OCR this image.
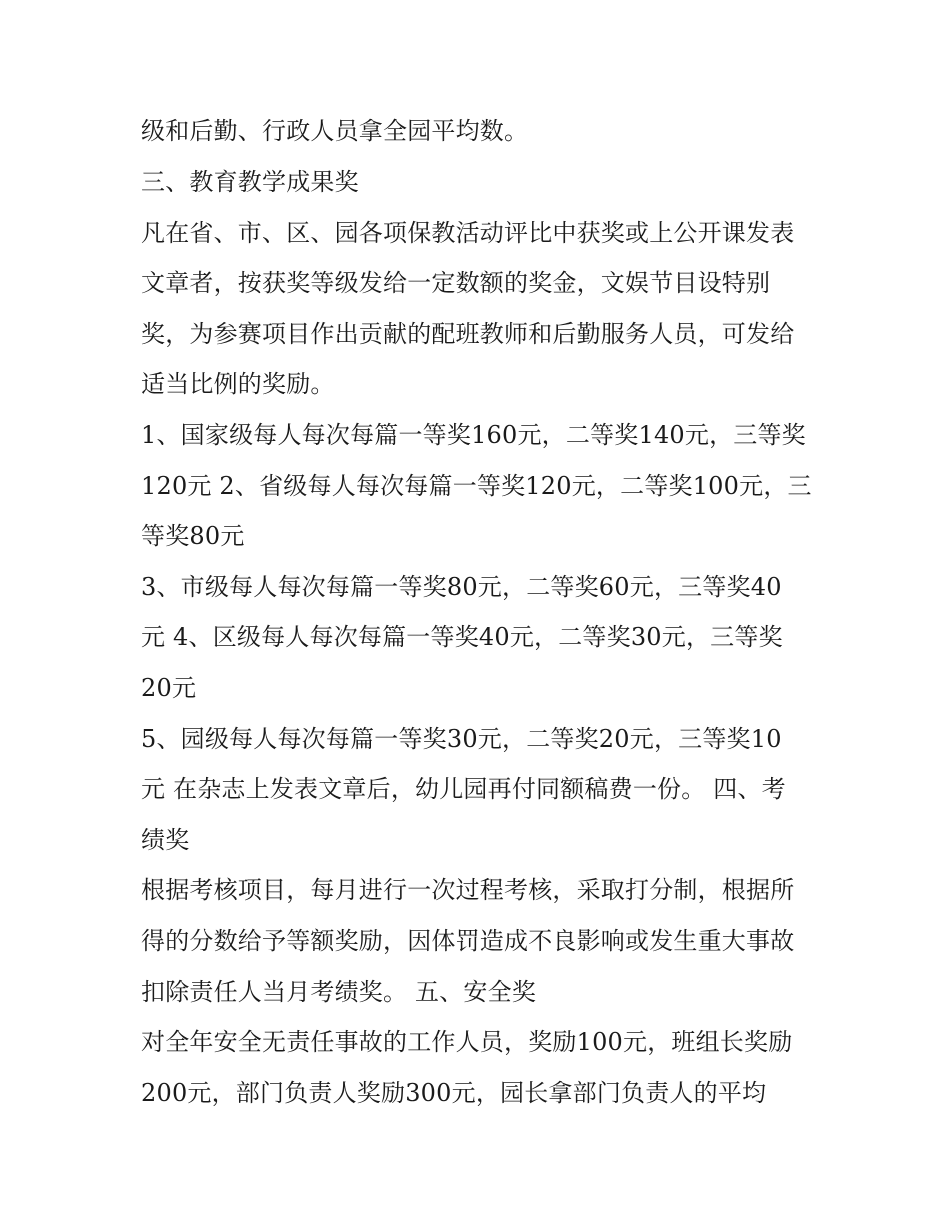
级和后勤、行政人员拿全园平均数。
三、教育教学成果奖
凡在省、市、区、园各项保教活动评比中获奖或上公开课发表
文章者，按获奖等级发给一定数额的奖金，文娱节目设特别
奖，为参赛项目作出贡献的配班教师和后勤服务人员，可发给
适当比例的奖励。
1、国家级每人每次每篇一等奖160元，二等奖140元，三等奖
120元 2、省级每人每次每篇一等奖120元，二等奖100元，三
等奖80元
3、市级每人每次每篇一等奖80元，二等奖60元，三等奖40
元 4、区级每人每次每篇一等奖40元，二等奖30元，三等奖
20元
5、园级每人每次每篇一等奖30元，二等奖20元，三等奖10
元 在杂志上发表文章后，幼儿园再付同额稿费一份。 四、考
绩奖
根据考核项目，每月进行一次过程考核，采取打分制，根据所
得的分数给予等额奖励，因体罚造成不良影响或发生重大事故
扣除责任人当月考绩奖。 五、安全奖
对全年安全无责任事故的工作人员，奖励100元，班组长奖励
200元，部门负责人奖励300元，园长拿部门负责人的平均
